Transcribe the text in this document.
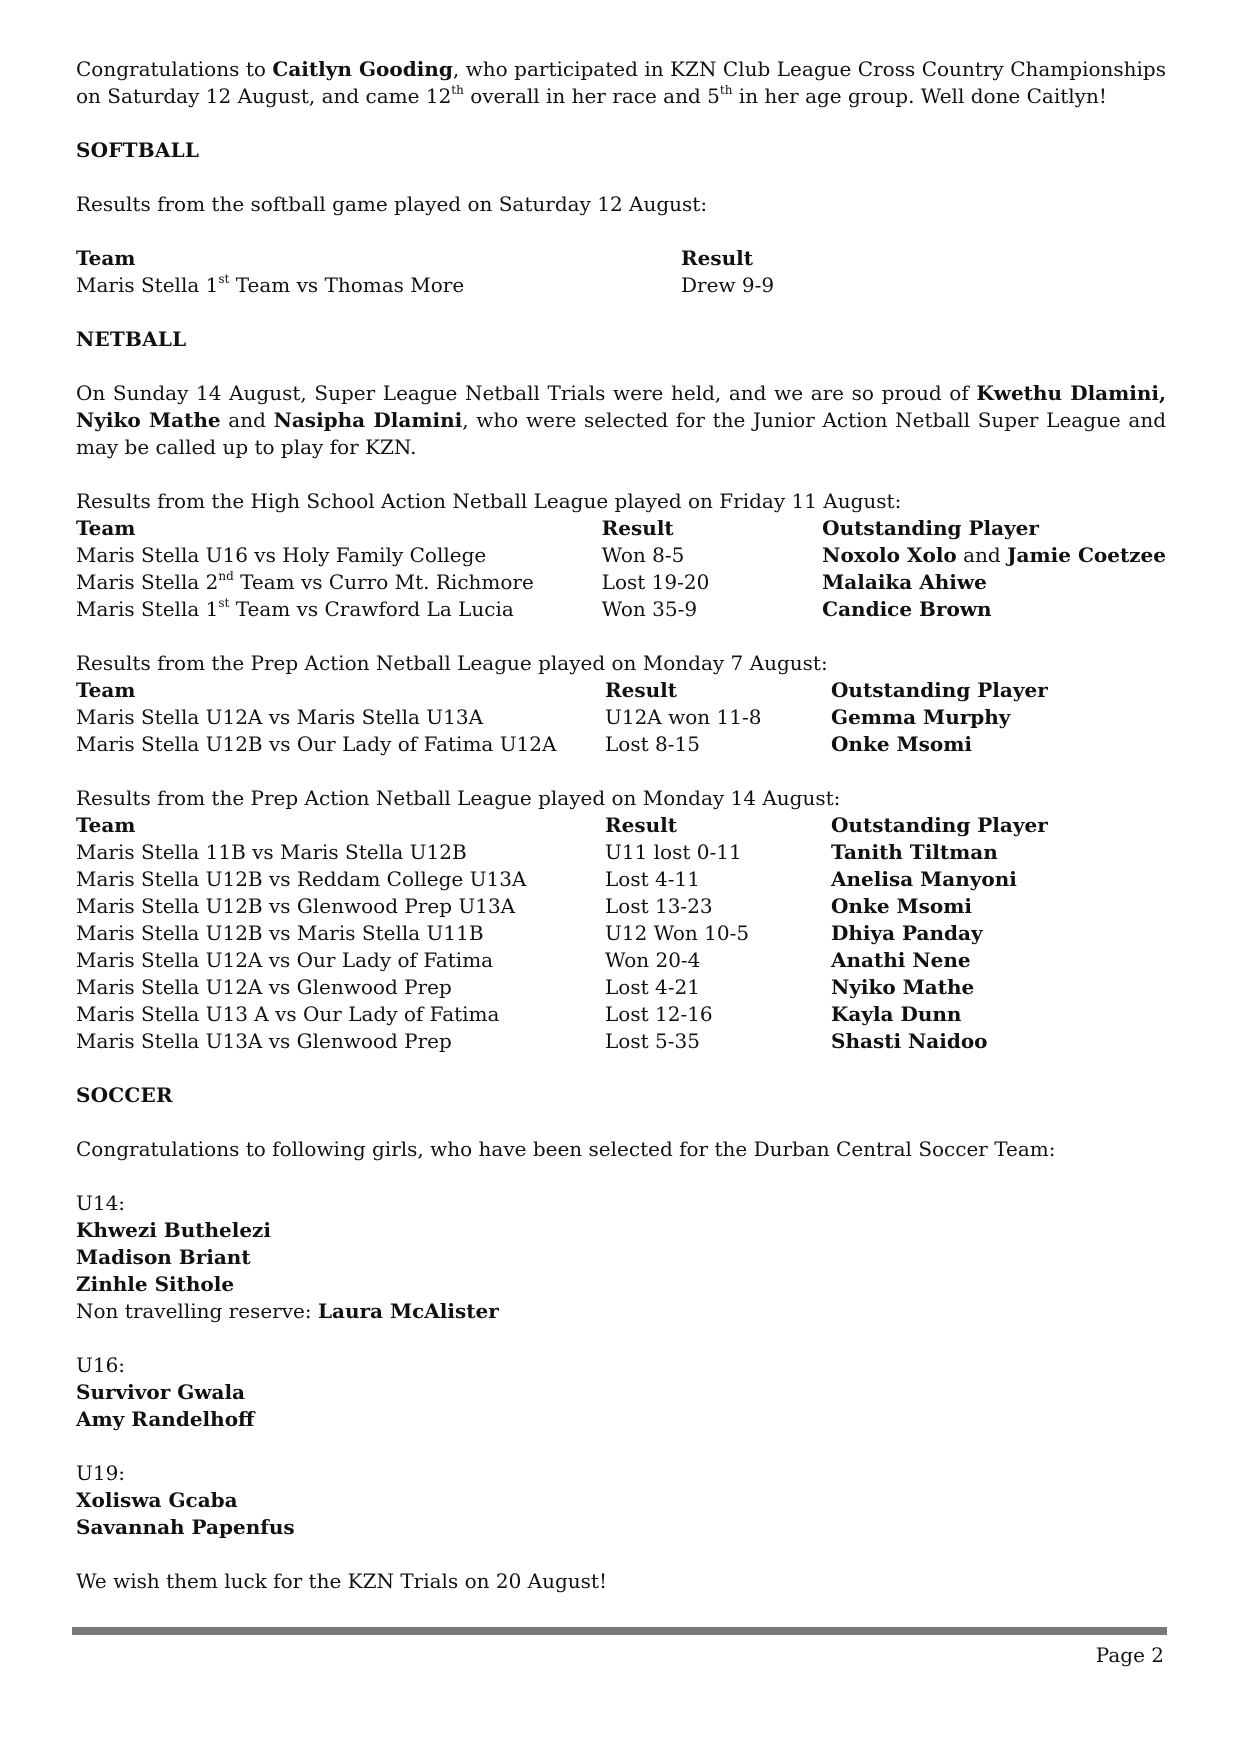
Congratulations to Caitlyn Gooding, who participated in KZN Club League Cross Country Championships on Saturday 12 August, and came 12th overall in her race and 5th in her age group. Well done Caitlyn!

SOFTBALL

Results from the softball game played on Saturday 12 August:

Team	Result
Maris Stella 1st Team vs Thomas More	Drew 9-9

NETBALL

On Sunday 14 August, Super League Netball Trials were held, and we are so proud of Kwethu Dlamini, Nyiko Mathe and Nasipha Dlamini, who were selected for the Junior Action Netball Super League and may be called up to play for KZN.

Results from the High School Action Netball League played on Friday 11 August:

Team	Result	Outstanding Player
Maris Stella U16 vs Holy Family College	Won 8-5	Noxolo Xolo and Jamie Coetzee
Maris Stella 2nd Team vs Curro Mt. Richmore	Lost 19-20	Malaika Ahiwe
Maris Stella 1st Team vs Crawford La Lucia	Won 35-9	Candice Brown

Results from the Prep Action Netball League played on Monday 7 August:

Team	Result	Outstanding Player
Maris Stella U12A vs Maris Stella U13A	U12A won 11-8	Gemma Murphy
Maris Stella U12B vs Our Lady of Fatima U12A	Lost 8-15	Onke Msomi

Results from the Prep Action Netball League played on Monday 14 August:

Team	Result	Outstanding Player
Maris Stella 11B vs Maris Stella U12B	U11 lost 0-11	Tanith Tiltman
Maris Stella U12B vs Reddam College U13A	Lost 4-11	Anelisa Manyoni
Maris Stella U12B vs Glenwood Prep U13A	Lost 13-23	Onke Msomi
Maris Stella U12B vs Maris Stella U11B	U12 Won 10-5	Dhiya Panday
Maris Stella U12A vs Our Lady of Fatima	Won 20-4	Anathi Nene
Maris Stella U12A vs Glenwood Prep	Lost 4-21	Nyiko Mathe
Maris Stella U13 A vs Our Lady of Fatima	Lost 12-16	Kayla Dunn
Maris Stella U13A vs Glenwood Prep	Lost 5-35	Shasti Naidoo

SOCCER

Congratulations to following girls, who have been selected for the Durban Central Soccer Team:

U14:

Khwezi Buthelezi

Madison Briant

Zinhle Sithole

Non travelling reserve: Laura McAlister

U16:

Survivor Gwala

Amy Randelhoff

U19:

Xoliswa Gcaba

Savannah Papenfus

We wish them luck for the KZN Trials on 20 August!

Page 2
